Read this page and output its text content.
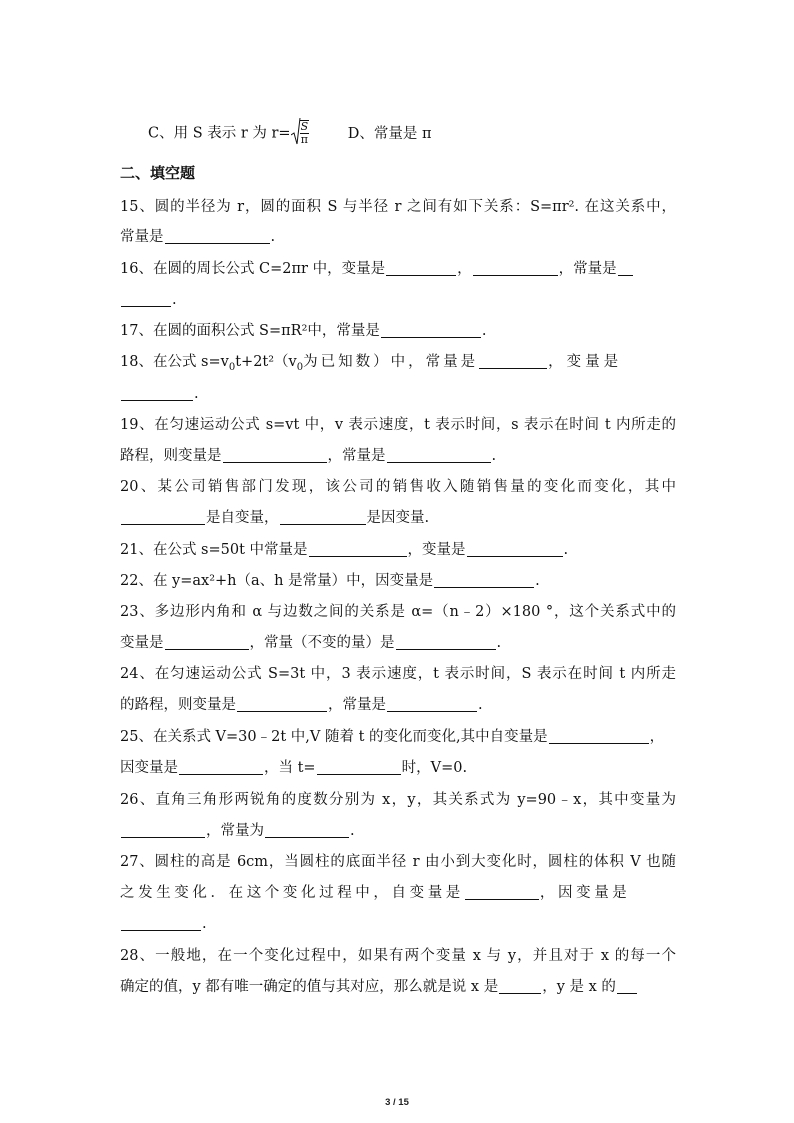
C、用 S 表示 r 为 $r= \frac{S}{\pi}$	D、常量是 π
二、填空题
15、圆的半径为 r，圆的面积 S 与半径 r 之间有如下关系：S=πr². 在这关系中，
常量是	.
16、在圆的周长公式 C=2πr 中，变量是	，	，常量是
.
17、在圆的面积公式 S=πR²中，常量是	.
18、在公式 $s=v_0t+2t^2(v_0$为已知数）中，常量是	，变量是
.
19、在匀速运动公式 s=vt 中，v 表示速度，t 表示时间，s 表示在时间 t 内所走的
路程，则变量是	，常量是	.
20、某公司销售部门发现，该公司的销售收入随销售量的变化而变化，其中
是自变量，	是因变量.
21、在公式 s=50t 中常量是	，变量是	.
22、在 y=ax²+h（a、h 是常量）中，因变量是	.
23、多边形内角和 α 与边数之间的关系是 α=（n﹣2）×180 °，这个关系式中的
变量是	，常量（不变的量）是	.
24、在匀速运动公式 S=3t 中，3 表示速度，t 表示时间，S 表示在时间 t 内所走
的路程，则变量是	，常量是	.
25、在关系式 V=30﹣2t 中,V 随着 t 的变化而变化,其中自变量是	，
因变量是	，当 t=	时，V=0.
26、直角三角形两锐角的度数分别为 x，y，其关系式为 y=90﹣x，其中变量为
，常量为	.
27、圆柱的高是 6cm，当圆柱的底面半径 r 由小到大变化时，圆柱的体积 V 也随
之发生变化．在这个变化过程中，自变量是	，因变量是
.
28、一般地，在一个变化过程中，如果有两个变量 x 与 y，并且对于 x 的每一个
确定的值，y 都有唯一确定的值与其对应，那么就是说 x 是	，y 是 x 的
3 / 15
